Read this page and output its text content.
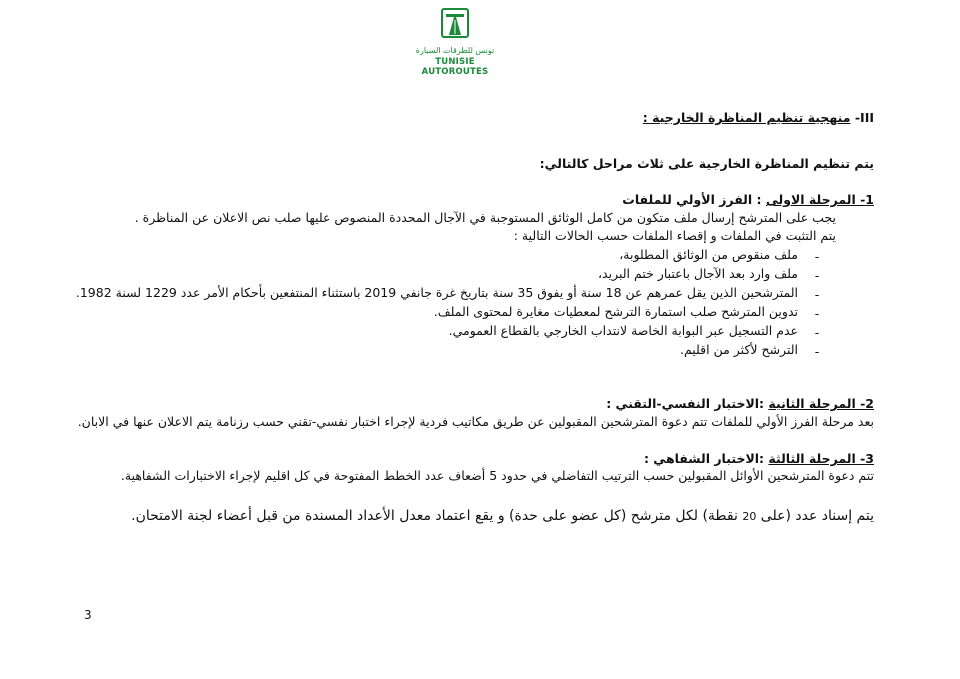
تونس للطرقات السيارة
TUNISIE AUTOROUTES
III- منهجية تنظيم المناظرة الخارجية :
يتم تنظيم المناظرة الخارجية على ثلاث مراحل كالتالي:
1- المرحلة الاولى : الفرز الأولي للملفات
يجب على المترشح إرسال ملف متكون من كامل الوثائق المستوجبة في الآجال المحددة المنصوص عليها صلب نص الاعلان عن المناظرة .
يتم التثبت في الملفات و إقصاء الملفات حسب الحالات التالية :
-
ملف منقوص من الوثائق المطلوبة،
-
ملف وارد بعد الآجال باعتبار ختم البريد،
-
المترشحين الذين يقل عمرهم عن 18 سنة أو يفوق 35 سنة بتاريخ غرة جانفي 2019 باستثناء المنتفعين بأحكام الأمر عدد 1229 لسنة 1982.
-
تدوين المترشح صلب استمارة الترشح لمعطيات مغايرة لمحتوى الملف.
-
عدم التسجيل عبر البوابة الخاصة لانتداب الخارجي بالقطاع العمومي.
-
الترشح لأكثر من اقليم.
2- المرحلة الثانية :الاختبار النفسي-التقني :
بعد مرحلة الفرز الأولي للملفات تتم دعوة المترشحين المقبولين عن طريق مكاتيب فردية لإجراء اختبار نفسي-تقني حسب رزنامة يتم الاعلان عنها في الابان.
3- المرحلة الثالثة :الاختبار الشفاهي :
تتم دعوة المترشحين الأوائل المقبولين حسب الترتيب التفاضلي في حدود 5 أضعاف عدد الخطط المفتوحة في كل اقليم لإجراء الاختبارات الشفاهية.
يتم إسناد عدد (على 20 نقطة) لكل مترشح (كل عضو على حدة) و يقع اعتماد معدل الأعداد المسندة من قبل أعضاء لجنة الامتحان.
3
